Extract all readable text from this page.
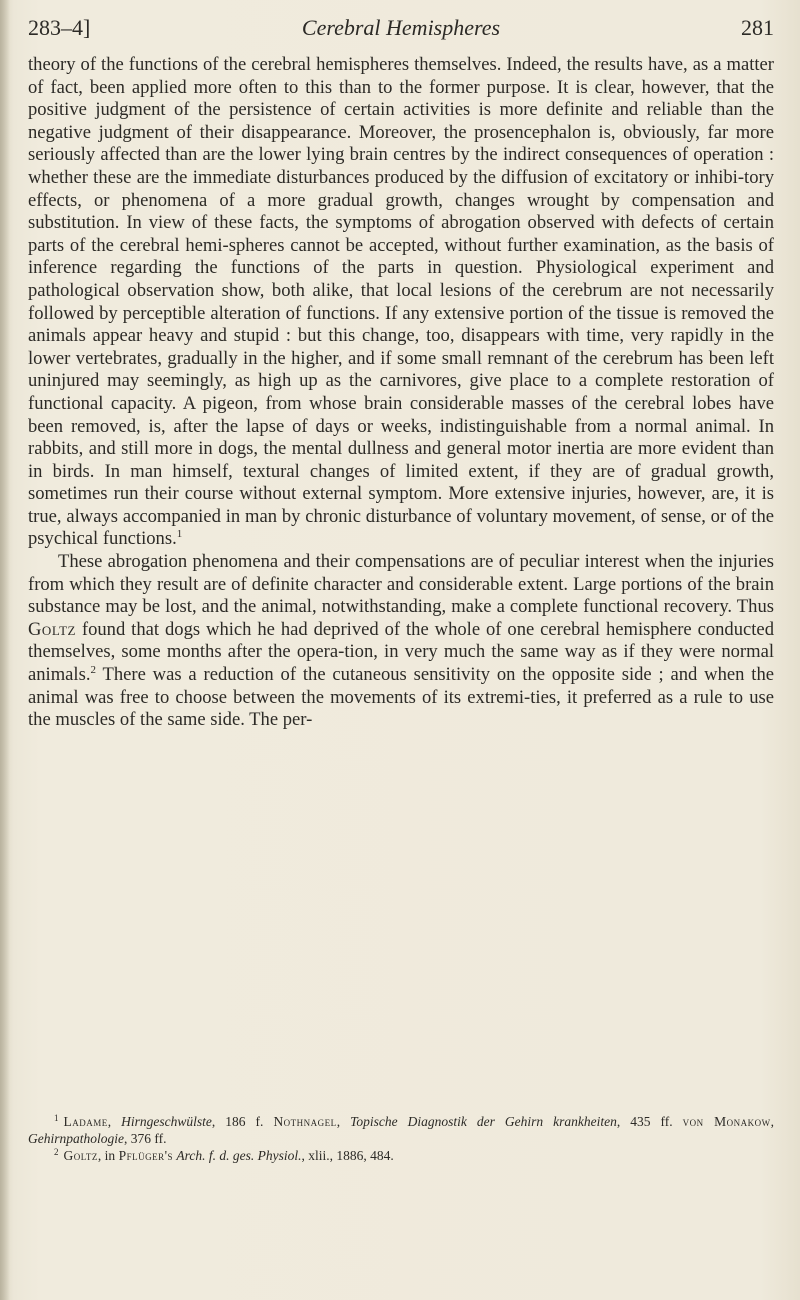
283–4]	Cerebral Hemispheres	281

theory of the functions of the cerebral hemispheres themselves. Indeed, the results have, as a matter of fact, been applied more often to this than to the former purpose. It is clear, however, that the positive judgment of the persistence of certain activities is more definite and reliable than the negative judgment of their disappearance. Moreover, the prosencephalon is, obviously, far more seriously affected than are the lower lying brain centres by the indirect consequences of operation : whether these are the immediate disturbances produced by the diffusion of excitatory or inhibi-tory effects, or phenomena of a more gradual growth, changes wrought by compensation and substitution. In view of these facts, the symptoms of abrogation observed with defects of certain parts of the cerebral hemi-spheres cannot be accepted, without further examination, as the basis of inference regarding the functions of the parts in question. Physiological experiment and pathological observation show, both alike, that local lesions of the cerebrum are not necessarily followed by perceptible alteration of functions. If any extensive portion of the tissue is removed the animals appear heavy and stupid : but this change, too, disappears with time, very rapidly in the lower vertebrates, gradually in the higher, and if some small remnant of the cerebrum has been left uninjured may seemingly, as high up as the carnivores, give place to a complete restoration of functional capacity. A pigeon, from whose brain considerable masses of the cerebral lobes have been removed, is, after the lapse of days or weeks, indistinguishable from a normal animal. In rabbits, and still more in dogs, the mental dullness and general motor inertia are more evident than in birds. In man himself, textural changes of limited extent, if they are of gradual growth, sometimes run their course without external symptom. More extensive injuries, however, are, it is true, always accompanied in man by chronic disturbance of voluntary movement, of sense, or of the psychical functions.$^1$

These abrogation phenomena and their compensations are of peculiar interest when the injuries from which they result are of definite character and considerable extent. Large portions of the brain substance may be lost, and the animal, notwithstanding, make a complete functional recovery. Thus Goltz found that dogs which he had deprived of the whole of one cerebral hemisphere conducted themselves, some months after the opera-tion, in very much the same way as if they were normal animals.$^2$ There was a reduction of the cutaneous sensitivity on the opposite side ; and when the animal was free to choose between the movements of its extremi-ties, it preferred as a rule to use the muscles of the same side. The per-

$^1$ Ladame, Hirngeschwülste, 186 f. Nothnagel, Topische Diagnostik der Gehirn krankheiten, 435 ff. von Monakow, Gehirnpathologie, 376 ff.

$^2$ Goltz, in Pflüger's Arch. f. d. ges. Physiol., xlii., 1886, 484.
